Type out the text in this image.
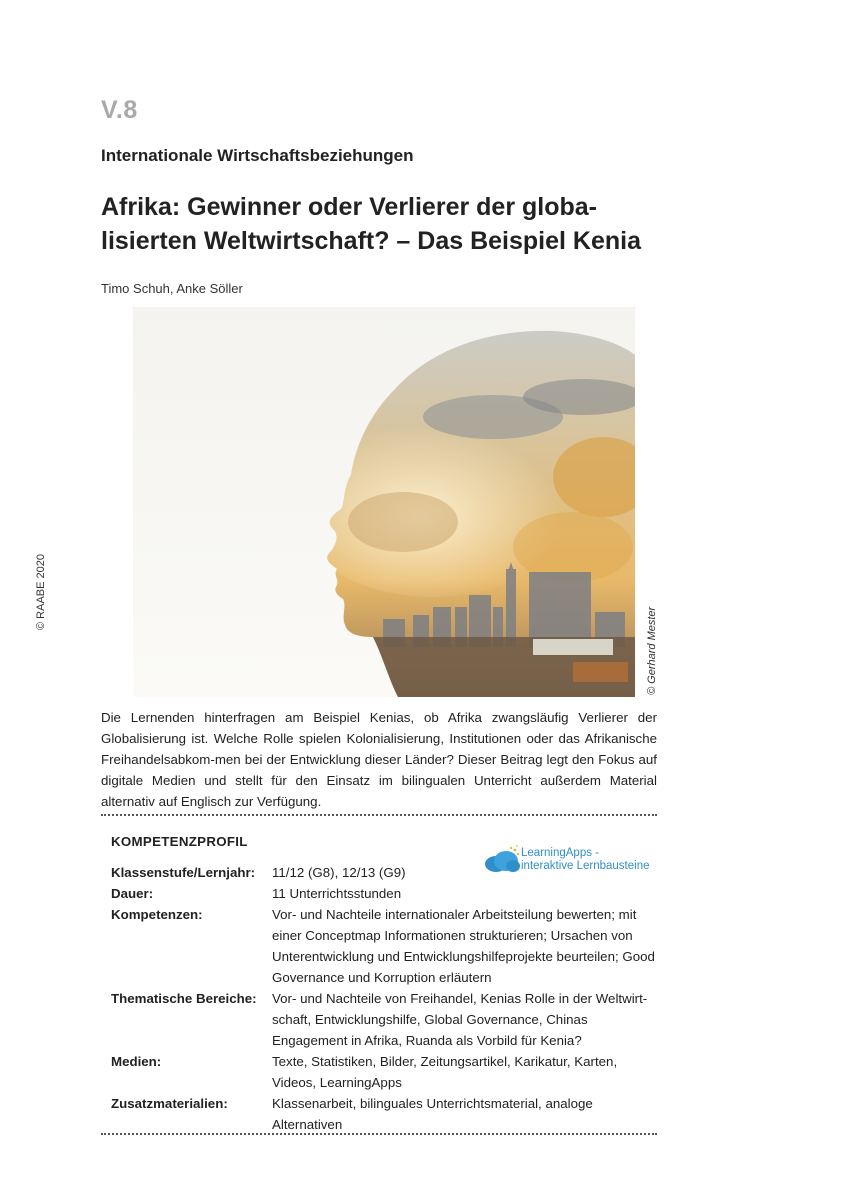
V.8
Internationale Wirtschaftsbeziehungen
Afrika: Gewinner oder Verlierer der globa-
lisierten Weltwirtschaft? – Das Beispiel Kenia
Timo Schuh, Anke Söller
© RAABE 2020
© Gerhard Mester

Die Lernenden hinterfragen am Beispiel Kenias, ob Afrika zwangsläufig Verlierer der Globalisierung ist. Welche Rolle spielen Kolonialisierung, Institutionen oder das Afrikanische Freihandelsabkom-men bei der Entwicklung dieser Länder? Dieser Beitrag legt den Fokus auf digitale Medien und stellt für den Einsatz im bilingualen Unterricht außerdem Material alternativ auf Englisch zur Verfügung.

KOMPETENZPROFIL
LearningApps -
interaktive Lernbausteine
Klassenstufe/Lernjahr:	11/12 (G8), 12/13 (G9)
Dauer:	11 Unterrichtsstunden
Kompetenzen:	Vor- und Nachteile internationaler Arbeitsteilung bewerten; mit einer Conceptmap Informationen strukturieren; Ursachen von Unterentwicklung und Entwicklungshilfeprojekte beurteilen; Good Governance und Korruption erläutern
Thematische Bereiche:	Vor- und Nachteile von Freihandel, Kenias Rolle in der Weltwirt-schaft, Entwicklungshilfe, Global Governance, Chinas Engagement in Afrika, Ruanda als Vorbild für Kenia?
Medien:	Texte, Statistiken, Bilder, Zeitungsartikel, Karikatur, Karten, Videos, LearningApps
Zusatzmaterialien:	Klassenarbeit, bilinguales Unterrichtsmaterial, analoge Alternativen
